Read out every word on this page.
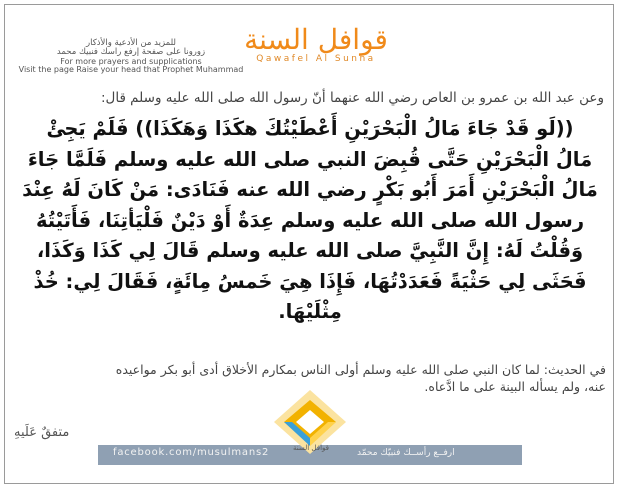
للمزيد من الأدعية والأذكار
زورونا على صفحة إرفع راسك فنبيك محمد
For more prayers and supplications
Visit the page Raise your head that Prophet Muhammad
قوافل السنة
Qawafel Al Sunna
وعن عبد الله بن عمرو بن العاص رضي الله عنهما أنّ رسول الله صلى الله عليه وسلم قال:
((لَو قَدْ جَاءَ مَالُ الْبَحْرَيْنِ أَعْطَيْتُكَ هكَذَا وَهَكَذَا)) فَلَمْ يَجِئْ
مَالُ الْبَحْرَيْنِ حَتَّى قُبِضَ النبي صلى الله عليه وسلم فَلَمَّا جَاءَ
مَالُ الْبَحْرَيْنِ أَمَرَ أَبُو بَكْرٍ رضي الله عنه فَنَادَى: مَنْ كَانَ لَهُ عِنْدَ
رسول الله صلى الله عليه وسلم عِدَةٌ أَوْ دَيْنٌ فَلْيَأتِنَا، فَأَتَيْتُهُ
وَقُلْتُ لَهُ: إِنَّ النَّبِيَّ صلى الله عليه وسلم قَالَ لِي كَذَا وَكَذَا،
فَحَثَى لِي حَثْيَةً فَعَدَدْتُهَا، فَإِذَا هِيَ خَمسُ مِائَةٍ، فَقَالَ لِي: خُذْ
مِثْلَيْهَا.
في الحديث: لما كان النبي صلى الله عليه وسلم أولى الناس بمكارم الأخلاق أدى أبو بكر مواعيده
عنه، ولم يسأله البينة على ما ادَّعاه.
متفقٌ عَلَيهِ
facebook.com/musulmans2	ارفــع رأســك فنبيّك محمّد
قوافل السنة
